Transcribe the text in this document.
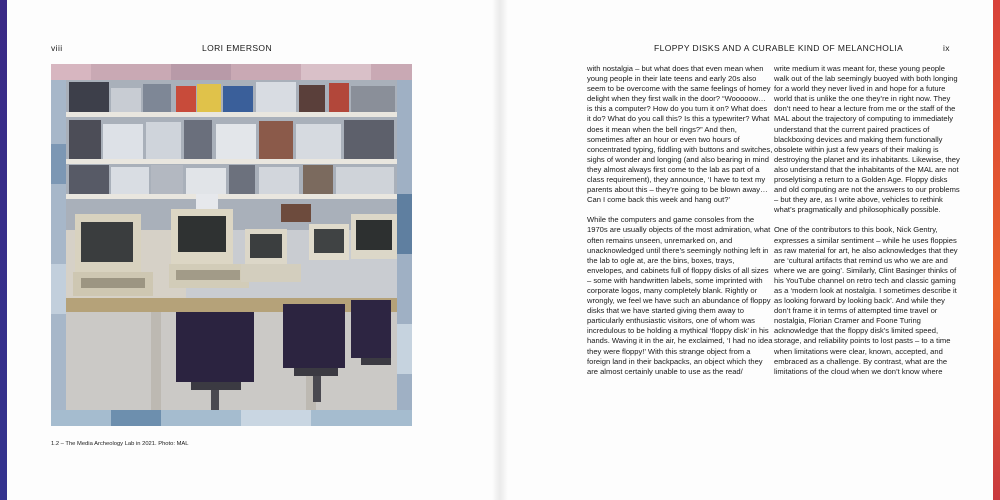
viii	LORI EMERSON	FLOPPY DISKS AND A CURABLE KIND OF MELANCHOLIA	ix
1.2 – The Media Archeology Lab in 2021. Photo: MAL

with nostalgia – but what does that even mean when young people in their late teens and early 20s also seem to be overcome with the same feelings of homey delight when they first walk in the door? “Wooooow… is this a computer? How do you turn it on? What does it do? What do you call this? Is this a typewriter? What does it mean when the bell rings?” And then, sometimes after an hour or even two hours of concentrated typing, fiddling with buttons and switches, sighs of wonder and longing (and also bearing in mind they almost always first come to the lab as part of a class requirement), they announce, ‘I have to text my parents about this – they’re going to be blown away… Can I come back this week and hang out?’

While the computers and game consoles from the 1970s are usually objects of the most admiration, what often remains unseen, unremarked on, and unacknowledged until there’s seemingly nothing left in the lab to ogle at, are the bins, boxes, trays, envelopes, and cabinets full of floppy disks of all sizes – some with handwritten labels, some imprinted with corporate logos, many completely blank. Rightly or wrongly, we feel we have such an abundance of floppy disks that we have started giving them away to particularly enthusiastic visitors, one of whom was incredulous to be holding a mythical ‘floppy disk’ in his hands. Waving it in the air, he exclaimed, ‘I had no idea they were floppy!’ With this strange object from a foreign land in their backpacks, an object which they are almost certainly unable to use as the read/

write medium it was meant for, these young people walk out of the lab seemingly buoyed with both longing for a world they never lived in and hope for a future world that is unlike the one they’re in right now. They don’t need to hear a lecture from me or the staff of the MAL about the trajectory of computing to immediately understand that the current paired practices of blackboxing devices and making them functionally obsolete within just a few years of their making is destroying the planet and its inhabitants. Likewise, they also understand that the inhabitants of the MAL are not proselytising a return to a Golden Age. Floppy disks and old computing are not the answers to our problems – but they are, as I write above, vehicles to rethink what’s pragmatically and philosophically possible.

One of the contributors to this book, Nick Gentry, expresses a similar sentiment – while he uses floppies as raw material for art, he also acknowledges that they are ‘cultural artifacts that remind us who we are and where we are going’. Similarly, Clint Basinger thinks of his YouTube channel on retro tech and classic gaming as a ‘modern look at nostalgia. I sometimes describe it as looking forward by looking back’. And while they don’t frame it in terms of attempted time travel or nostalgia, Florian Cramer and Foone Turing acknowledge that the floppy disk’s limited speed, storage, and reliability points to lost pasts – to a time when limitations were clear, known, accepted, and embraced as a challenge. By contrast, what are the limitations of the cloud when we don’t know where
